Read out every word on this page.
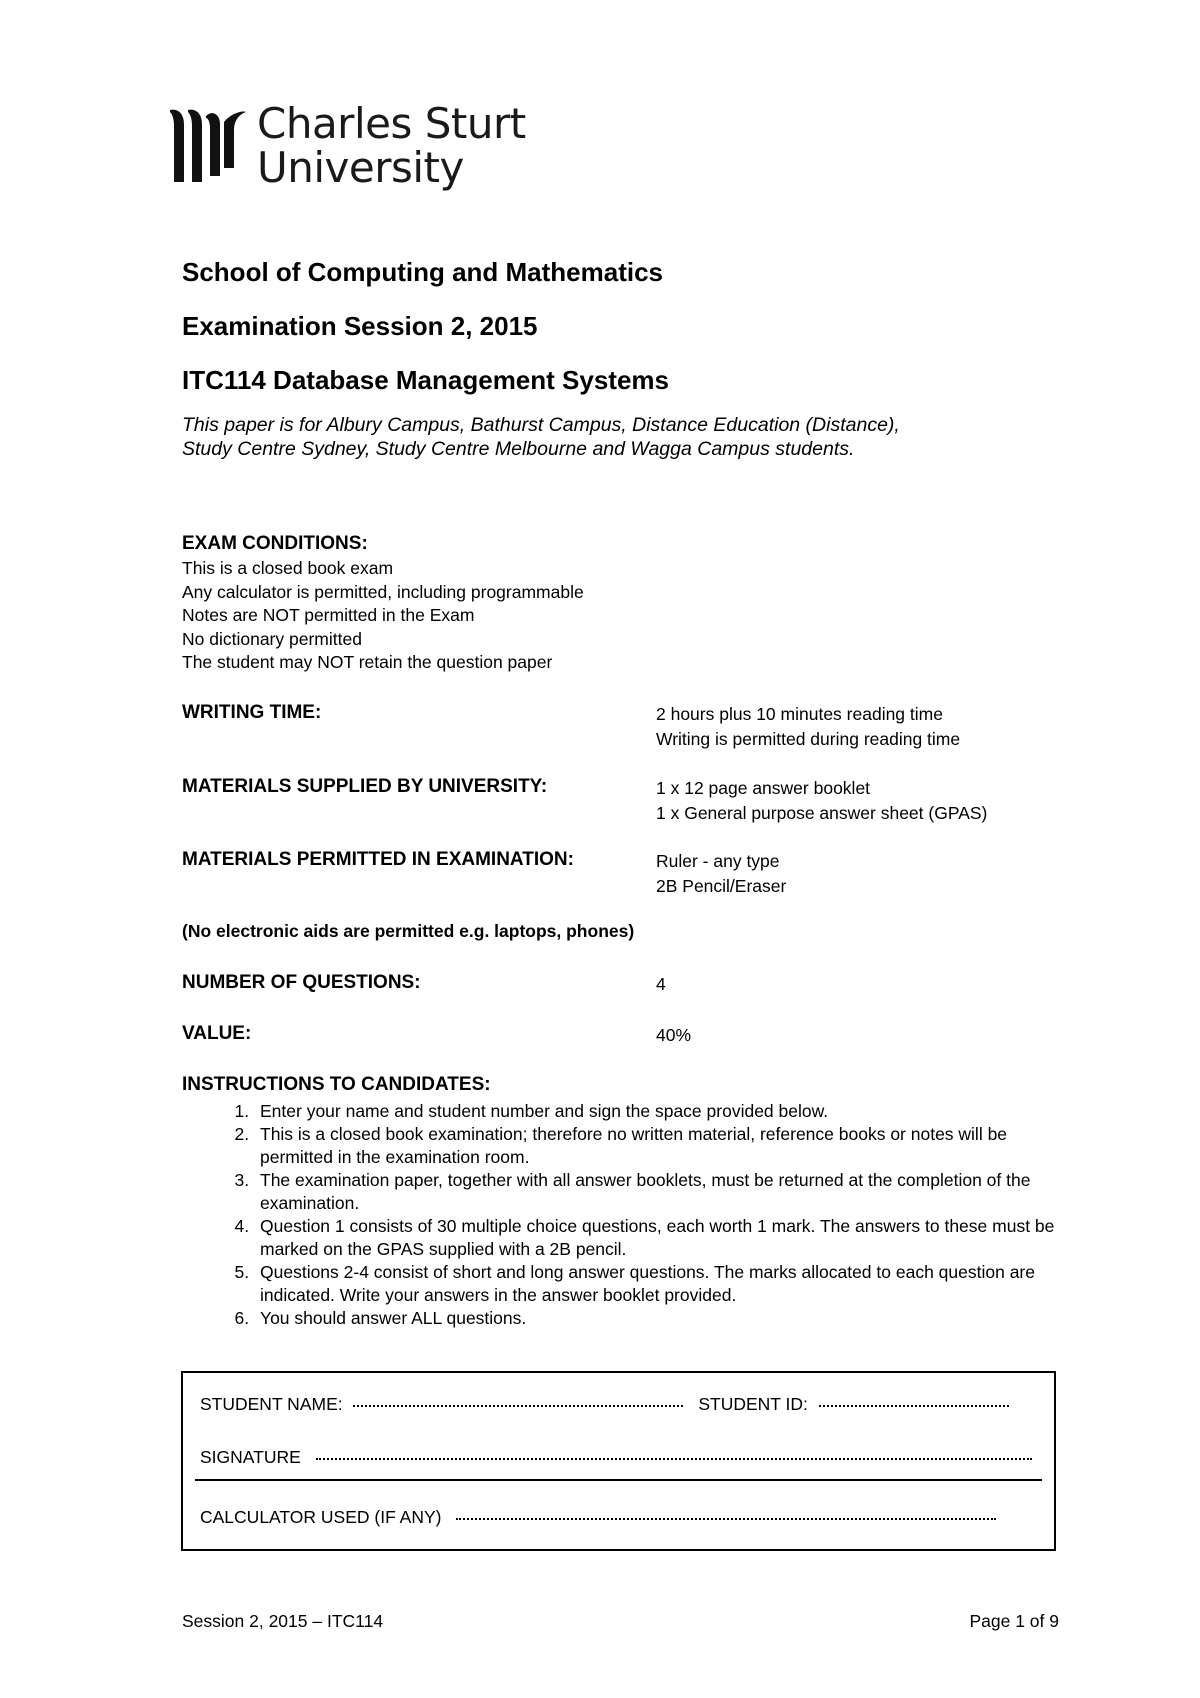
Charles Sturt
University
School of Computing and Mathematics
Examination Session 2, 2015
ITC114 Database Management Systems
This paper is for Albury Campus, Bathurst Campus, Distance Education (Distance),
Study Centre Sydney, Study Centre Melbourne and Wagga Campus students.
EXAM CONDITIONS:
This is a closed book exam
Any calculator is permitted, including programmable
Notes are NOT permitted in the Exam
No dictionary permitted
The student may NOT retain the question paper
WRITING TIME:	2 hours plus 10 minutes reading time
Writing is permitted during reading time
MATERIALS SUPPLIED BY UNIVERSITY:	1 x 12 page answer booklet
1 x General purpose answer sheet (GPAS)
MATERIALS PERMITTED IN EXAMINATION:	Ruler - any type
2B Pencil/Eraser
(No electronic aids are permitted e.g. laptops, phones)
NUMBER OF QUESTIONS:	4
VALUE:	40%
INSTRUCTIONS TO CANDIDATES:
1. Enter your name and student number and sign the space provided below.
2. This is a closed book examination; therefore no written material, reference books or notes will be permitted in the examination room.
3. The examination paper, together with all answer booklets, must be returned at the completion of the examination.
4. Question 1 consists of 30 multiple choice questions, each worth 1 mark. The answers to these must be marked on the GPAS supplied with a 2B pencil.
5. Questions 2-4 consist of short and long answer questions. The marks allocated to each question are indicated. Write your answers in the answer booklet provided.
6. You should answer ALL questions.
STUDENT NAME:	STUDENT ID:
SIGNATURE
CALCULATOR USED (IF ANY)
Session 2, 2015 – ITC114	Page 1 of 9
